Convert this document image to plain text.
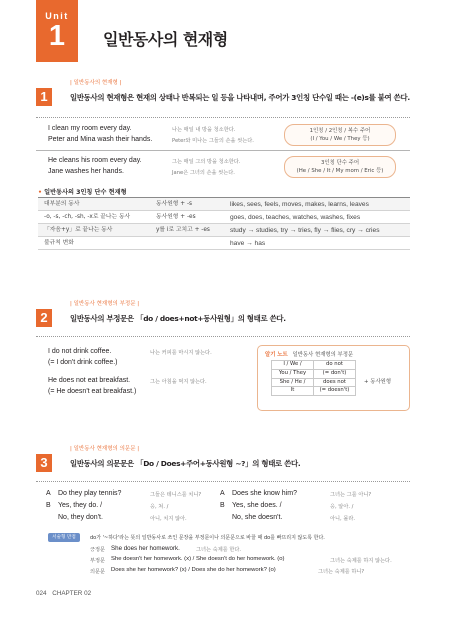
Unit
1	일반동사의 현재형
| 일반동사의 현재형 |
1	일반동사의 현재형은 현재의 상태나 반복되는 일 등을 나타내며, 주어가 3인칭 단수일 때는 -(e)s를 붙여 쓴다.
I clean my room every day.
Peter and Mina wash their hands.
나는 매일 내 방을 청소한다.
Peter와 미나는 그들의 손을 씻는다.
1인칭 / 2인칭 / 복수 주어
(I / You / We / They 등)
He cleans his room every day.
Jane washes her hands.
그는 매일 그의 방을 청소한다.
Jane은 그녀의 손을 씻는다.
3인칭 단수 주어
(He / She / It / My mom / Eric 등)
• 일반동사의 3인칭 단수 현재형
대부분의 동사	동사원형 + -s	likes, sees, feels, moves, makes, learns, leaves
-o, -s, -ch, -sh, -x로 끝나는 동사	동사원형 + -es	goes, does, teaches, watches, washes, fixes
「자음+y」로 끝나는 동사	y를 i로 고치고 + -es	study → studies, try → tries, fly → flies, cry → cries
불규칙 변화	have → has
| 일반동사 현재형의 부정문 |
2	일반동사의 부정문은 「do / does+not+동사원형」의 형태로 쓴다.
I do not drink coffee.
(= I don't drink coffee.)
나는 커피를 마시지 않는다.
He does not eat breakfast.
(= He doesn't eat breakfast.)
그는 아침을 먹지 않는다.
알기 노트 일반동사 현재형의 부정문
I / We /	do not
You / They	(= don't)
She / He /	does not
It	(= doesn't)
+ 동사원형
| 일반동사 현재형의 의문문 |
3	일반동사의 의문문은 「Do / Does+주어+동사원형 ~?」의 형태로 쓴다.
A Do they play tennis?	그들은 테니스를 치니?
B Yes, they do. /	응, 쳐. /
No, they don't.	아니, 치지 않아.
A Does she know him?	그녀는 그를 아니?
B Yes, she does. /	응, 알아. /
No, she doesn't.	아니, 몰라.
서술형 만점	do가 '~하다'라는 뜻의 일반동사로 쓰인 문장을 부정문이나 의문문으로 바꿀 때 do를 빠뜨리지 않도록 한다.
긍정문 She does her homework.	그녀는 숙제를 한다.
부정문 She doesn't her homework. (x) / She doesn't do her homework. (o)	그녀는 숙제를 하지 않는다.
의문문 Does she her homework? (x) / Does she do her homework? (o)	그녀는 숙제를 하니?
024 CHAPTER 02
